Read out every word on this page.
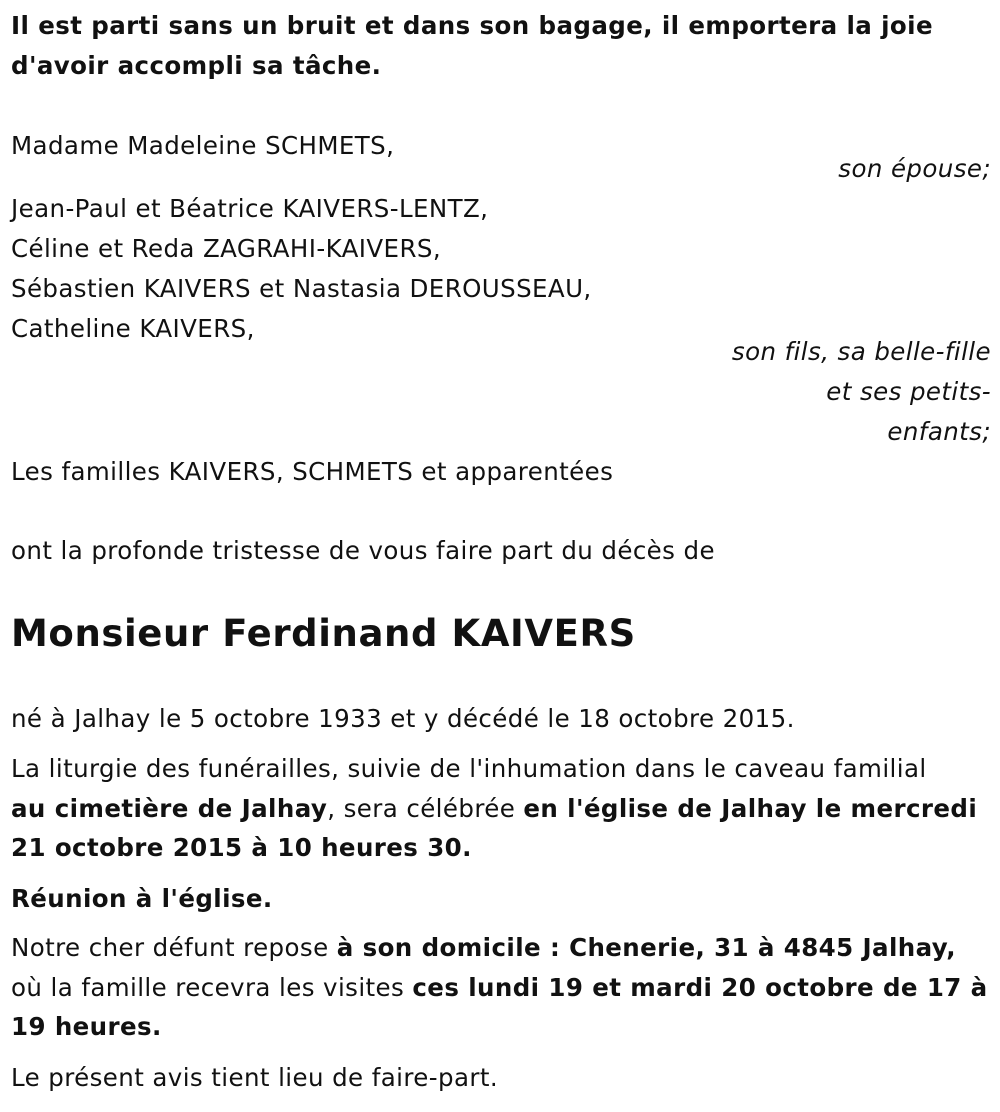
Il est parti sans un bruit et dans son bagage, il emportera la joie
d'avoir accompli sa tâche.
Madame Madeleine SCHMETS,
son épouse;
Jean-Paul et Béatrice KAIVERS-LENTZ,
Céline et Reda ZAGRAHI-KAIVERS,
Sébastien KAIVERS et Nastasia DEROUSSEAU,
Catheline KAIVERS,
son fils, sa belle-fille
et ses petits-
enfants;
Les familles KAIVERS, SCHMETS et apparentées
ont la profonde tristesse de vous faire part du décès de
Monsieur Ferdinand KAIVERS
né à Jalhay le 5 octobre 1933 et y décédé le 18 octobre 2015.
La liturgie des funérailles, suivie de l'inhumation dans le caveau familial
au cimetière de Jalhay, sera célébrée en l'église de Jalhay le mercredi
21 octobre 2015 à 10 heures 30.
Réunion à l'église.
Notre cher défunt repose à son domicile : Chenerie, 31 à 4845 Jalhay,
où la famille recevra les visites ces lundi 19 et mardi 20 octobre de 17 à
19 heures.
Le présent avis tient lieu de faire-part.
